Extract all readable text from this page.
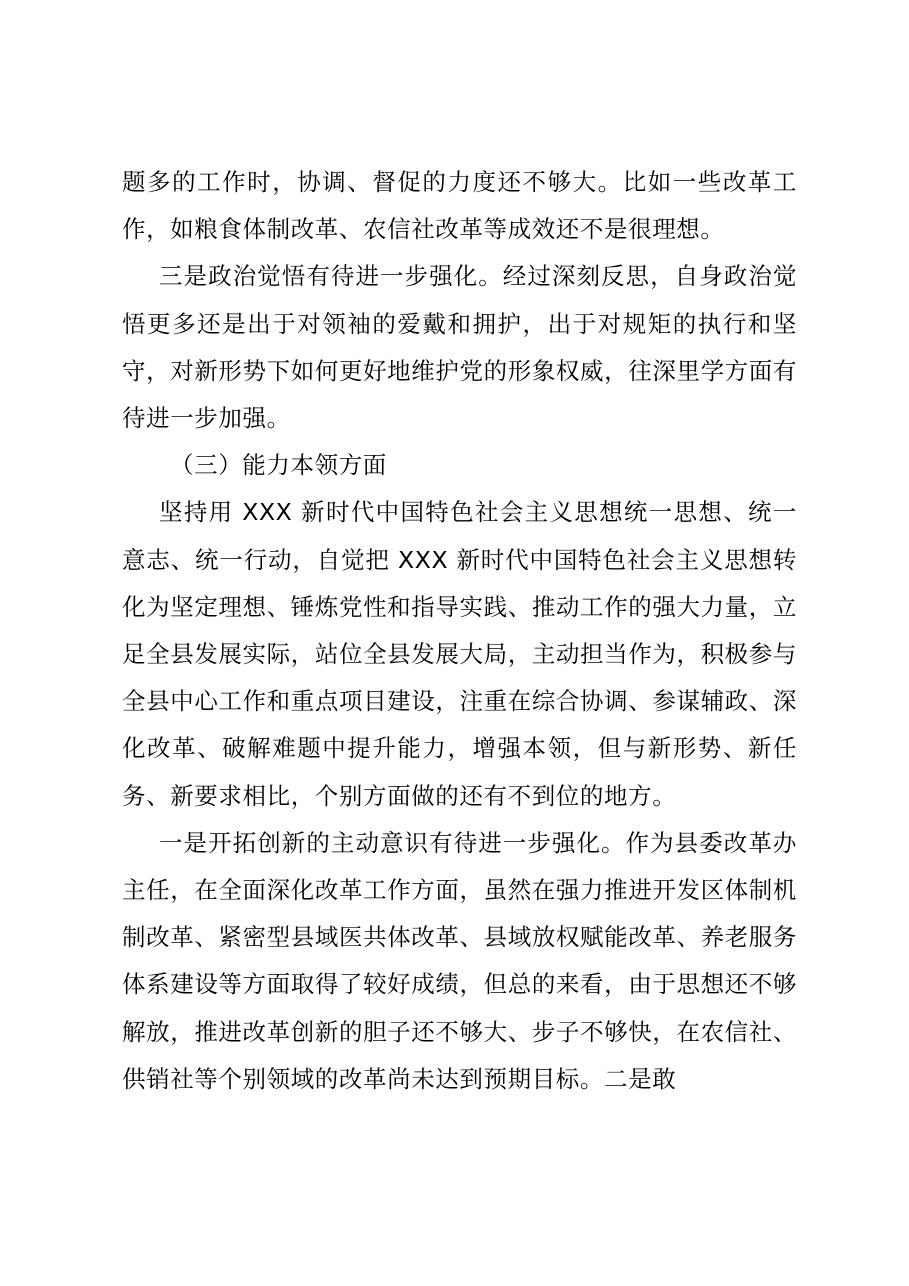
题多的工作时，协调、督促的力度还不够大。比如一些改革工作，如粮食体制改革、农信社改革等成效还不是很理想。

三是政治觉悟有待进一步强化。经过深刻反思，自身政治觉悟更多还是出于对领袖的爱戴和拥护，出于对规矩的执行和坚守，对新形势下如何更好地维护党的形象权威，往深里学方面有待进一步加强。

（三）能力本领方面

坚持用 XXX 新时代中国特色社会主义思想统一思想、统一意志、统一行动，自觉把 XXX 新时代中国特色社会主义思想转化为坚定理想、锤炼党性和指导实践、推动工作的强大力量，立足全县发展实际，站位全县发展大局，主动担当作为，积极参与全县中心工作和重点项目建设，注重在综合协调、参谋辅政、深化改革、破解难题中提升能力，增强本领，但与新形势、新任务、新要求相比，个别方面做的还有不到位的地方。

一是开拓创新的主动意识有待进一步强化。作为县委改革办主任，在全面深化改革工作方面，虽然在强力推进开发区体制机制改革、紧密型县域医共体改革、县域放权赋能改革、养老服务体系建设等方面取得了较好成绩，但总的来看，由于思想还不够解放，推进改革创新的胆子还不够大、步子不够快，在农信社、供销社等个别领域的改革尚未达到预期目标。二是敢
